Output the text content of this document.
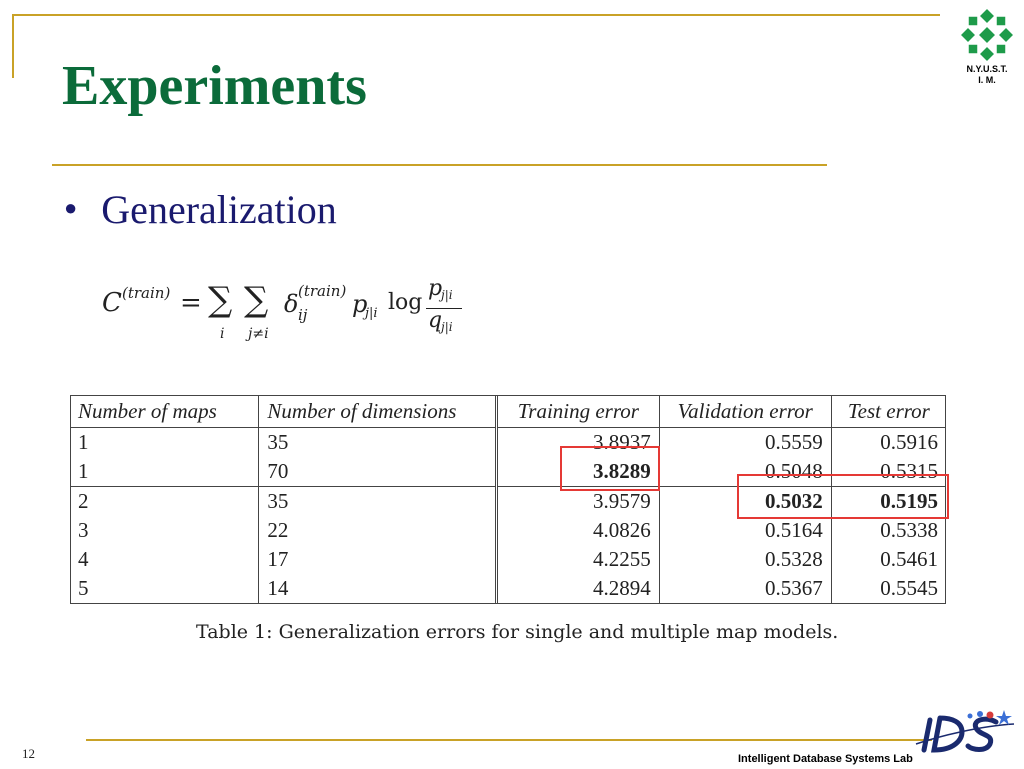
Experiments	N.Y.U.S.T.
I. M.
● Generalization
C (train) = ∑
i
∑
j≠i
δ (train)
ij p
j|i log
p
j|i
q
j|i
Number of maps	Number of dimensions	Training error	Validation error	Test error
1	35	3.8937	0.5559	0.5916
1	70	3.8289	0.5048	0.5315
2	35	3.9579	0.5032	0.5195
3	22	4.0826	0.5164	0.5338
4	17	4.2255	0.5328	0.5461
5	14	4.2894	0.5367	0.5545
Table 1: Generalization errors for single and multiple map models.
12	Intelligent Database Systems Lab
